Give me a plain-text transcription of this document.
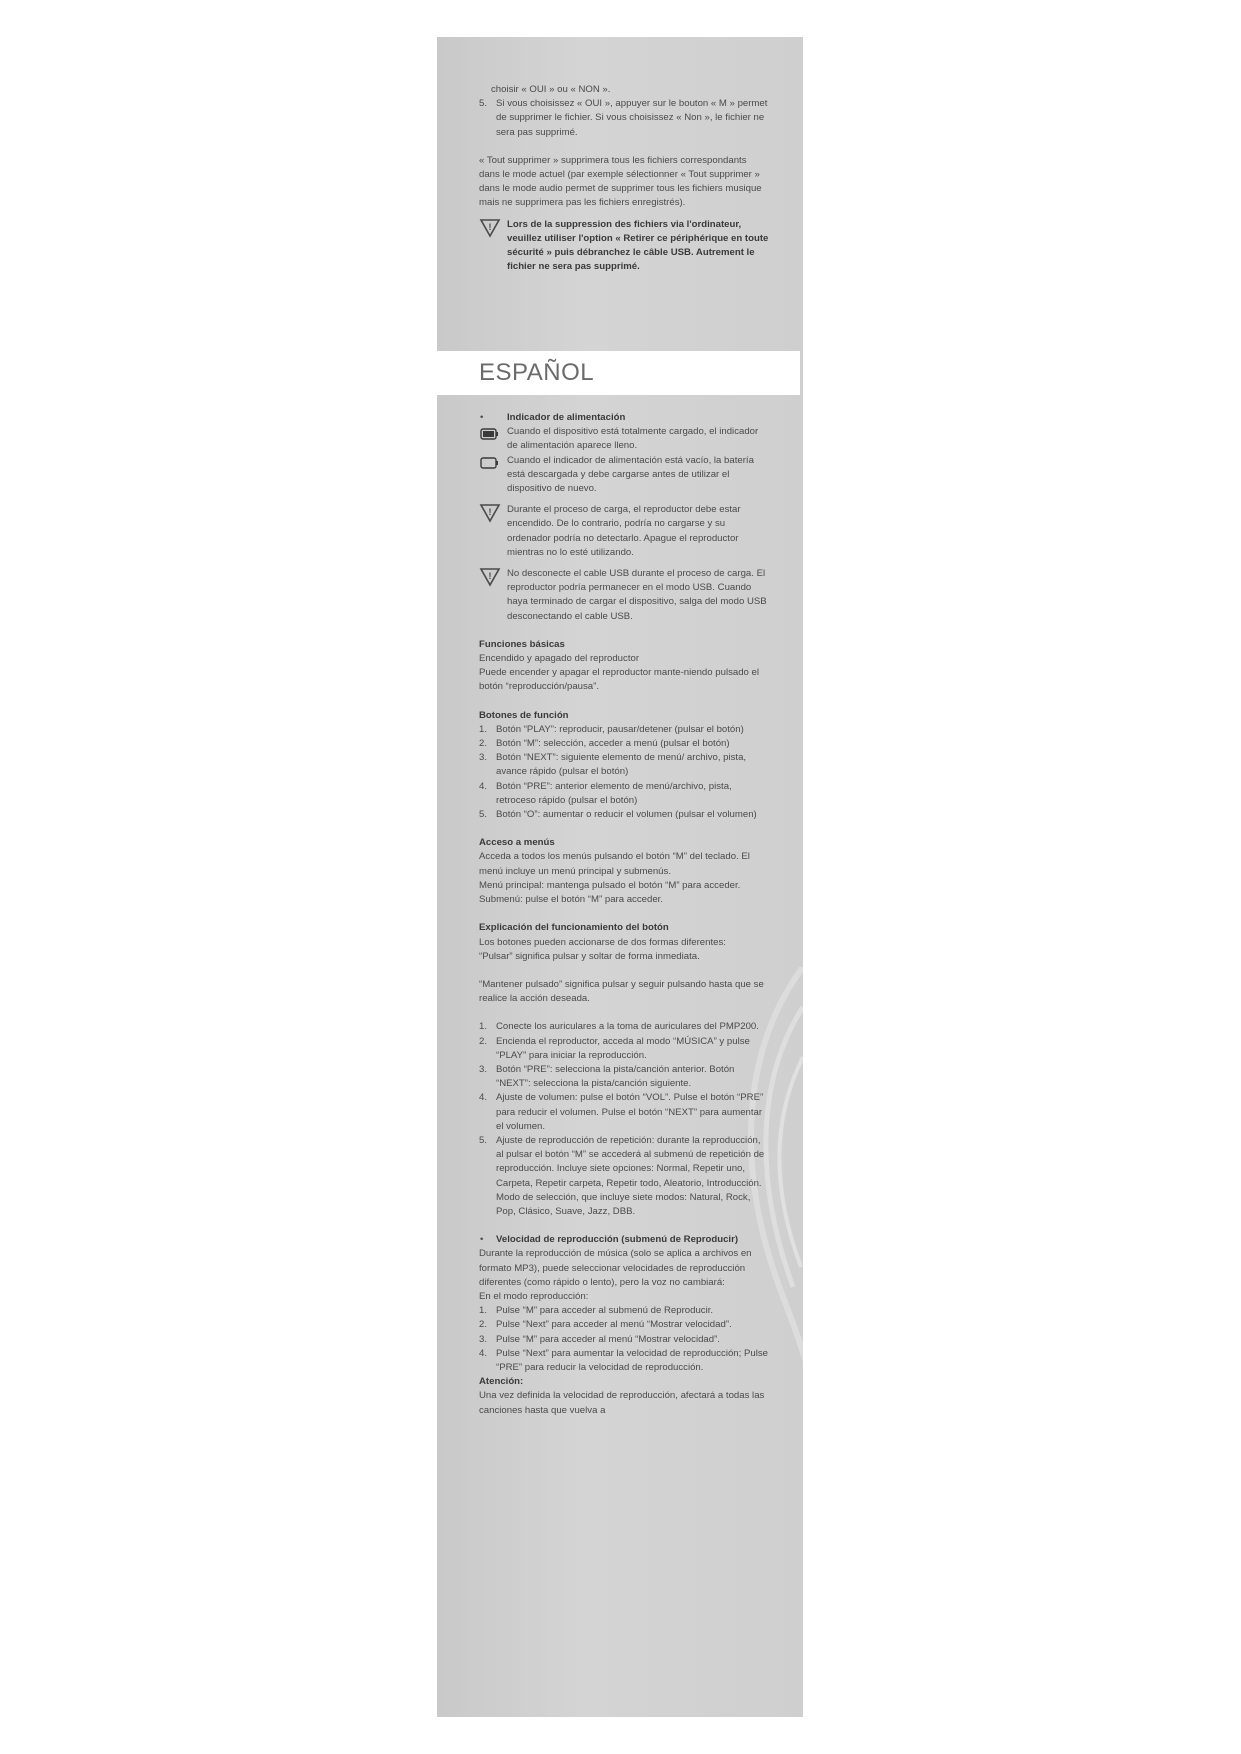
choisir « OUI » ou « NON ».

5. Si vous choisissez « OUI », appuyer sur le bouton « M » permet de supprimer le fichier. Si vous choisissez « Non », le fichier ne sera pas supprimé.

« Tout supprimer » supprimera tous les fichiers correspondants dans le mode actuel (par exemple sélectionner « Tout supprimer » dans le mode audio permet de supprimer tous les fichiers musique mais ne supprimera pas les fichiers enregistrés).

! Lors de la suppression des fichiers via l'ordinateur, veuillez utiliser l'option « Retirer ce périphérique en toute sécurité » puis débranchez le câble USB. Autrement le fichier ne sera pas supprimé.

ESPAÑOL
• Indicador de alimentación

Cuando el dispositivo está totalmente cargado, el indicador de alimentación aparece lleno.

Cuando el indicador de alimentación está vacío, la batería está descargada y debe cargarse antes de utilizar el dispositivo de nuevo.

! Durante el proceso de carga, el reproductor debe estar encendido. De lo contrario, podría no cargarse y su ordenador podría no detectarlo. Apague el reproductor mientras no lo esté utilizando.

! No desconecte el cable USB durante el proceso de carga. El reproductor podría permanecer en el modo USB. Cuando haya terminado de cargar el dispositivo, salga del modo USB desconectando el cable USB.

Funciones básicas

Encendido y apagado del reproductor

Puede encender y apagar el reproductor mante-niendo pulsado el botón “reproducción/pausa”.

Botones de función

1. Botón “PLAY”: reproducir, pausar/detener (pulsar el botón)
2. Botón “M”: selección, acceder a menú (pulsar el botón)
3. Botón “NEXT”: siguiente elemento de menú/ archivo, pista, avance rápido (pulsar el botón)
4. Botón “PRE”: anterior elemento de menú/archivo, pista, retroceso rápido (pulsar el botón)
5. Botón “O”: aumentar o reducir el volumen (pulsar el volumen)

Acceso a menús

Acceda a todos los menús pulsando el botón “M” del teclado. El menú incluye un menú principal y submenús.

Menú principal: mantenga pulsado el botón “M” para acceder.

Submenú: pulse el botón “M” para acceder.

Explicación del funcionamiento del botón

Los botones pueden accionarse de dos formas diferentes:

“Pulsar” significa pulsar y soltar de forma inmediata.

“Mantener pulsado” significa pulsar y seguir pulsando hasta que se realice la acción deseada.

1. Conecte los auriculares a la toma de auriculares del PMP200.
2. Encienda el reproductor, acceda al modo “MÚSICA” y pulse “PLAY” para iniciar la reproducción.
3. Botón “PRE”: selecciona la pista/canción anterior. Botón “NEXT”: selecciona la pista/canción siguiente.
4. Ajuste de volumen: pulse el botón “VOL”. Pulse el botón “PRE” para reducir el volumen. Pulse el botón “NEXT” para aumentar el volumen.
5. Ajuste de reproducción de repetición: durante la reproducción, al pulsar el botón “M” se accederá al submenú de repetición de reproducción. Incluye siete opciones: Normal, Repetir uno, Carpeta, Repetir carpeta, Repetir todo, Aleatorio, Introducción. Modo de selección, que incluye siete modos: Natural, Rock, Pop, Clásico, Suave, Jazz, DBB.
• Velocidad de reproducción (submenú de Reproducir)

Durante la reproducción de música (solo se aplica a archivos en formato MP3), puede seleccionar velocidades de reproducción diferentes (como rápido o lento), pero la voz no cambiará:

En el modo reproducción:

1. Pulse “M” para acceder al submenú de Reproducir.
2. Pulse “Next” para acceder al menú “Mostrar velocidad”.
3. Pulse “M” para acceder al menú “Mostrar velocidad”.
4. Pulse “Next” para aumentar la velocidad de reproducción; Pulse “PRE” para reducir la velocidad de reproducción.

Atención:

Una vez definida la velocidad de reproducción, afectará a todas las canciones hasta que vuelva a
